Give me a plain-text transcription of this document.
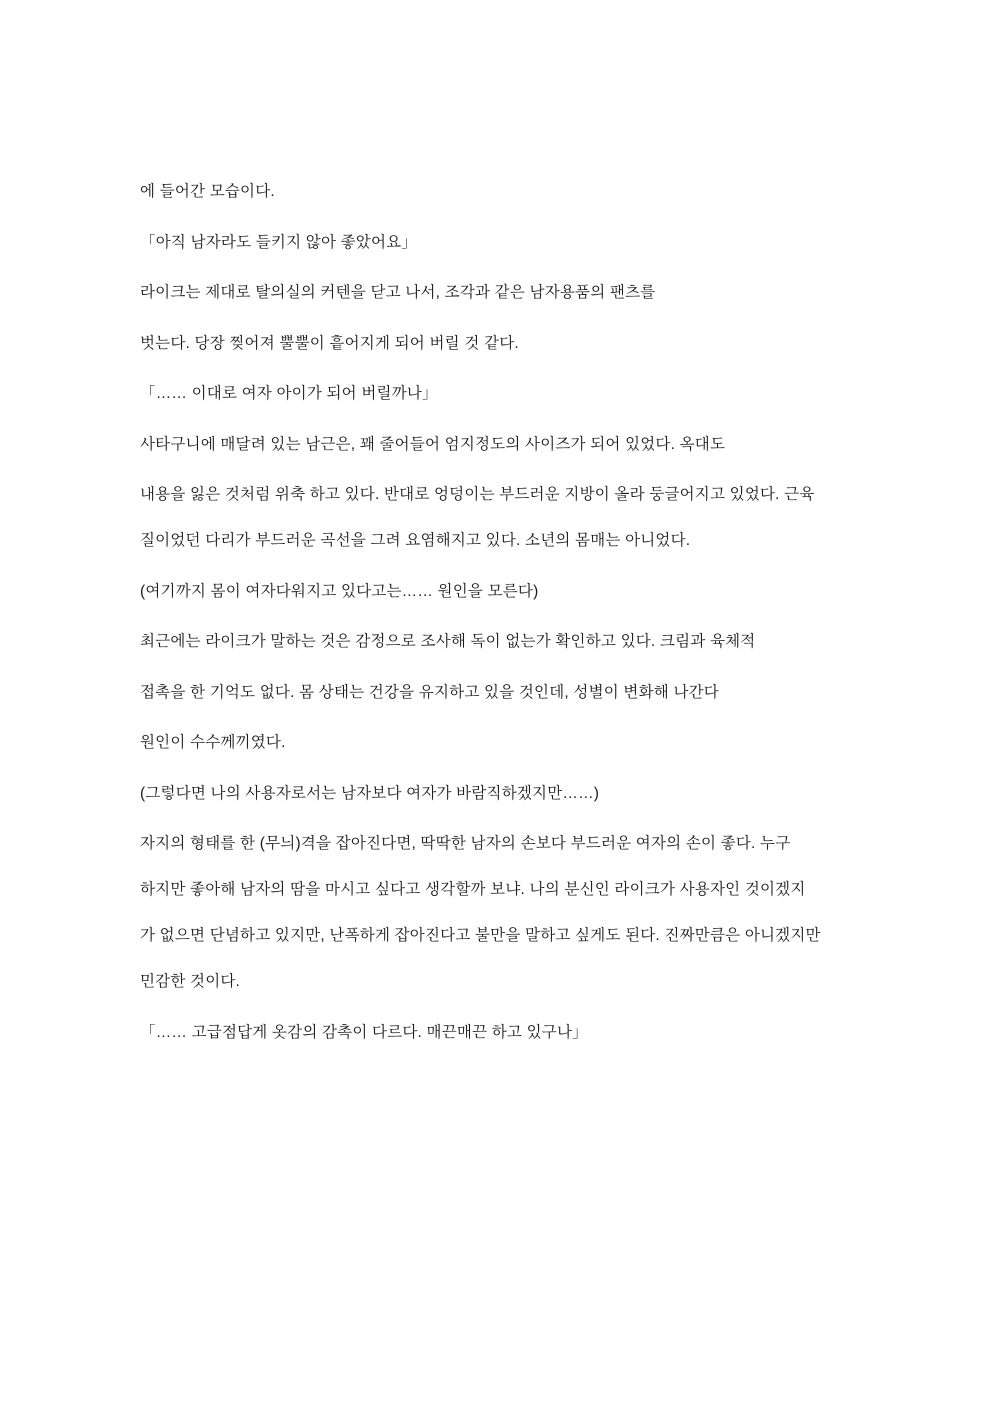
에 들어간 모습이다.

「아직 남자라도 들키지 않아 좋았어요」

라이크는 제대로 탈의실의 커텐을 닫고 나서, 조각과 같은 남자용품의 팬츠를

벗는다. 당장 찢어져 뿔뿔이 흩어지게 되어 버릴 것 같다.

「…… 이대로 여자 아이가 되어 버릴까나」

사타구니에 매달려 있는 남근은, 꽤 줄어들어 엄지정도의 사이즈가 되어 있었다. 옥대도

내용을 잃은 것처럼 위축 하고 있다. 반대로 엉덩이는 부드러운 지방이 올라 둥글어지고 있었다. 근육

질이었던 다리가 부드러운 곡선을 그려 요염해지고 있다. 소년의 몸매는 아니었다.

(여기까지 몸이 여자다워지고 있다고는…… 원인을 모른다)

최근에는 라이크가 말하는 것은 감정으로 조사해 독이 없는가 확인하고 있다. 크림과 육체적

접촉을 한 기억도 없다. 몸 상태는 건강을 유지하고 있을 것인데, 성별이 변화해 나간다

원인이 수수께끼였다.

(그렇다면 나의 사용자로서는 남자보다 여자가 바람직하겠지만……)

자지의 형태를 한 (무늬)격을 잡아진다면, 딱딱한 남자의 손보다 부드러운 여자의 손이 좋다. 누구

하지만 좋아해 남자의 땀을 마시고 싶다고 생각할까 보냐. 나의 분신인 라이크가 사용자인 것이겠지

가 없으면 단념하고 있지만, 난폭하게 잡아진다고 불만을 말하고 싶게도 된다. 진짜만큼은 아니겠지만

민감한 것이다.

「…… 고급점답게 옷감의 감촉이 다르다. 매끈매끈 하고 있구나」
